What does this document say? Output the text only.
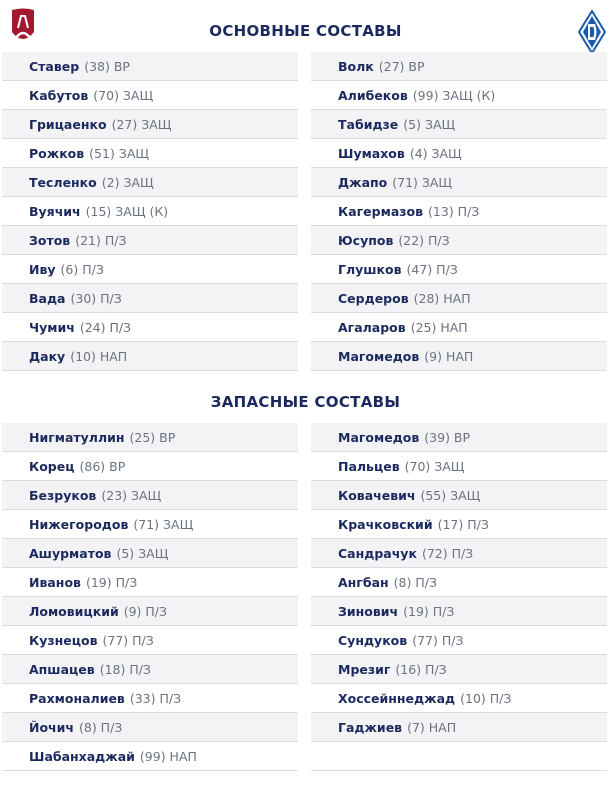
ОСНОВНЫЕ СОСТАВЫ
Ставер (38) ВР
Кабутов (70) ЗАЩ
Грицаенко (27) ЗАЩ
Рожков (51) ЗАЩ
Тесленко (2) ЗАЩ
Вуячич (15) ЗАЩ (К)
Зотов (21) П/З
Иву (6) П/З
Вада (30) П/З
Чумич (24) П/З
Даку (10) НАП
Волк (27) ВР
Алибеков (99) ЗАЩ (К)
Табидзе (5) ЗАЩ
Шумахов (4) ЗАЩ
Джапо (71) ЗАЩ
Кагермазов (13) П/З
Юсупов (22) П/З
Глушков (47) П/З
Сердеров (28) НАП
Агаларов (25) НАП
Магомедов (9) НАП
ЗАПАСНЫЕ СОСТАВЫ
Нигматуллин (25) ВР
Корец (86) ВР
Безруков (23) ЗАЩ
Нижегородов (71) ЗАЩ
Ашурматов (5) ЗАЩ
Иванов (19) П/З
Ломовицкий (9) П/З
Кузнецов (77) П/З
Апшацев (18) П/З
Рахмоналиев (33) П/З
Йочич (8) П/З
Шабанхаджай (99) НАП
Магомедов (39) ВР
Пальцев (70) ЗАЩ
Ковачевич (55) ЗАЩ
Крачковский (17) П/З
Сандрачук (72) П/З
Ангбан (8) П/З
Зинович (19) П/З
Сундуков (77) П/З
Мрезиг (16) П/З
Хоссейннеджад (10) П/З
Гаджиев (7) НАП
